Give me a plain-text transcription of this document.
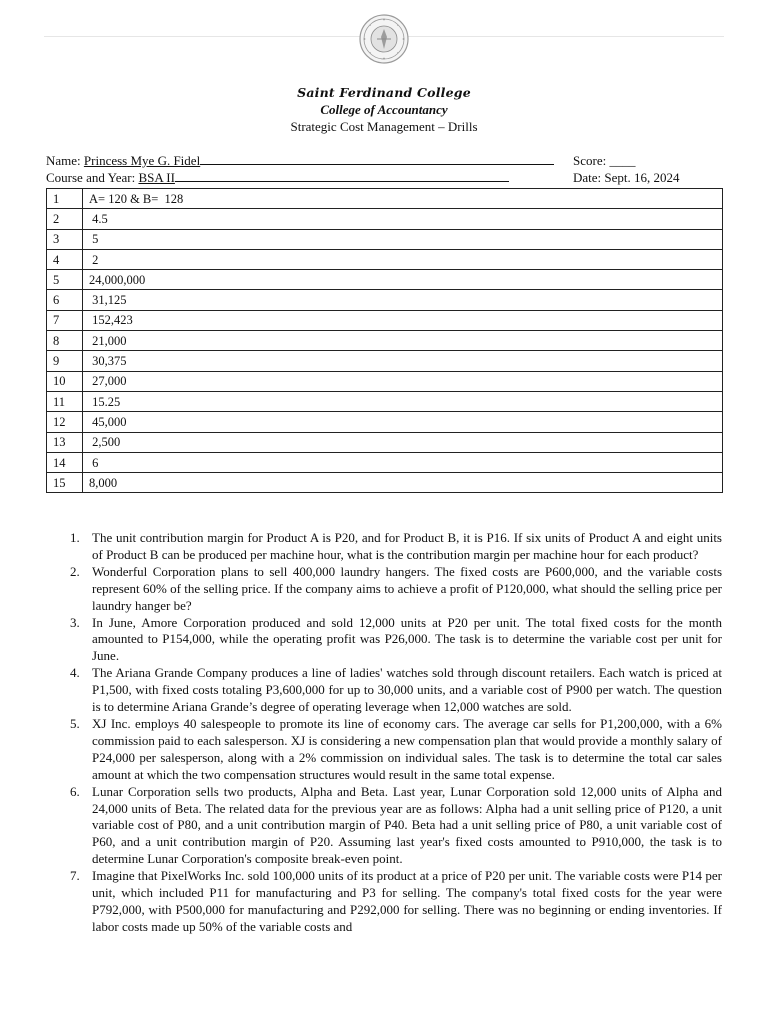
Saint Ferdinand College
College of Accountancy
Strategic Cost Management – Drills
Name: Princess Mye G. Fidel	Score: ____
Course and Year: BSA II	Date: Sept. 16, 2024
1	A= 120 & B=  128
2	4.5
3	5
4	2
5	24,000,000
6	31,125
7	152,423
8	21,000
9	30,375
10	27,000
11	15.25
12	45,000
13	2,500
14	6
15	8,000
1. The unit contribution margin for Product A is P20, and for Product B, it is P16. If six units of Product A and eight units of Product B can be produced per machine hour, what is the contribution margin per machine hour for each product?
2. Wonderful Corporation plans to sell 400,000 laundry hangers. The fixed costs are P600,000, and the variable costs represent 60% of the selling price. If the company aims to achieve a profit of P120,000, what should the selling price per laundry hanger be?
3. In June, Amore Corporation produced and sold 12,000 units at P20 per unit. The total fixed costs for the month amounted to P154,000, while the operating profit was P26,000. The task is to determine the variable cost per unit for June.
4. The Ariana Grande Company produces a line of ladies' watches sold through discount retailers. Each watch is priced at P1,500, with fixed costs totaling P3,600,000 for up to 30,000 units, and a variable cost of P900 per watch. The question is to determine Ariana Grande’s degree of operating leverage when 12,000 watches are sold.
5. XJ Inc. employs 40 salespeople to promote its line of economy cars. The average car sells for P1,200,000, with a 6% commission paid to each salesperson. XJ is considering a new compensation plan that would provide a monthly salary of P24,000 per salesperson, along with a 2% commission on individual sales. The task is to determine the total car sales amount at which the two compensation structures would result in the same total expense.
6. Lunar Corporation sells two products, Alpha and Beta. Last year, Lunar Corporation sold 12,000 units of Alpha and 24,000 units of Beta. The related data for the previous year are as follows: Alpha had a unit selling price of P120, a unit variable cost of P80, and a unit contribution margin of P40. Beta had a unit selling price of P80, a unit variable cost of P60, and a unit contribution margin of P20. Assuming last year's fixed costs amounted to P910,000, the task is to determine Lunar Corporation's composite break-even point.
7. Imagine that PixelWorks Inc. sold 100,000 units of its product at a price of P20 per unit. The variable costs were P14 per unit, which included P11 for manufacturing and P3 for selling. The company's total fixed costs for the year were P792,000, with P500,000 for manufacturing and P292,000 for selling. There was no beginning or ending inventories. If labor costs made up 50% of the variable costs and
